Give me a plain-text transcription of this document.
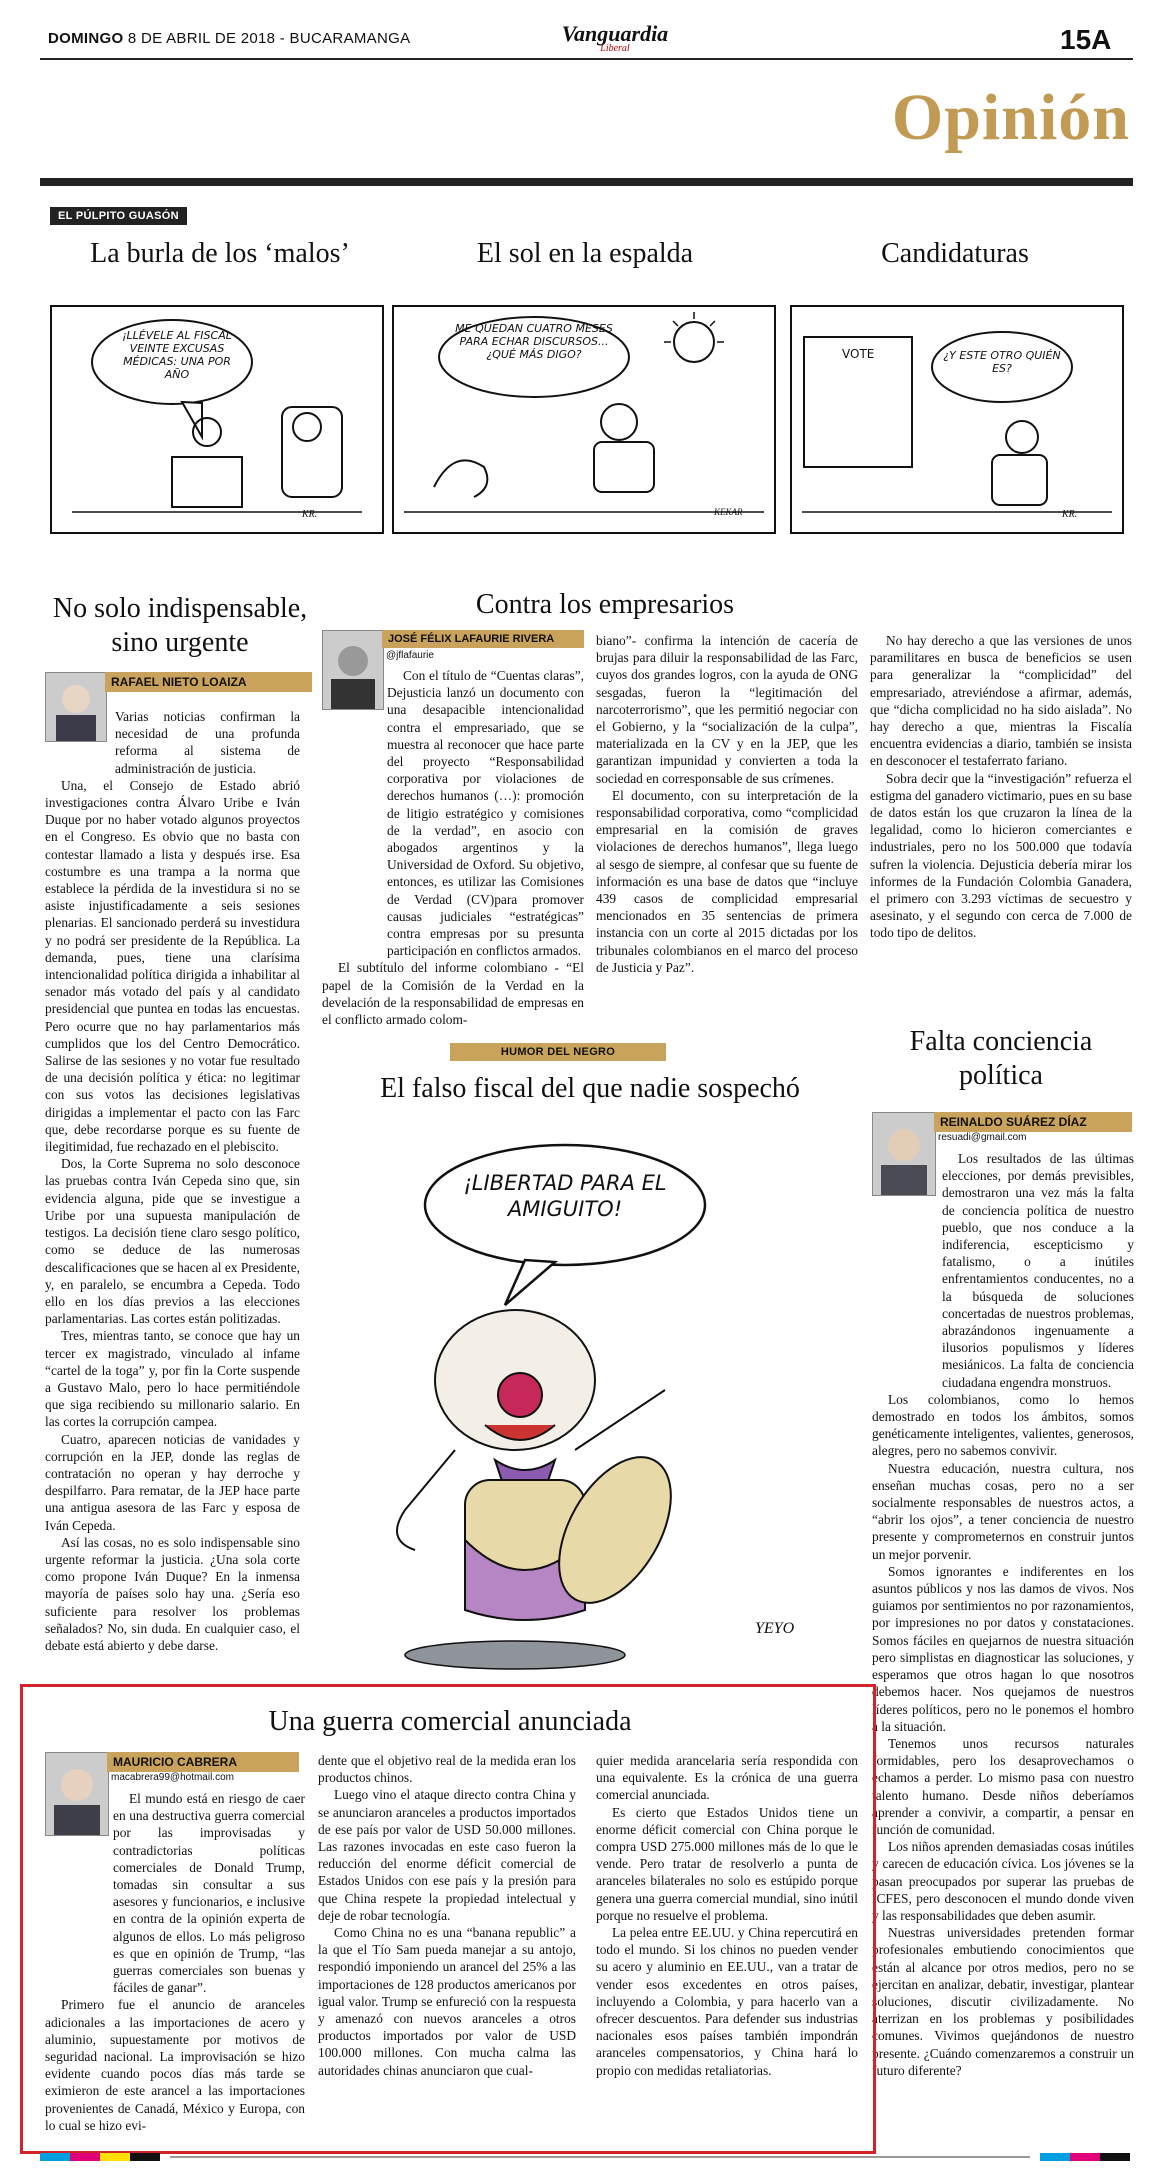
DOMINGO 8 DE ABRIL DE 2018 - BUCARAMANGA	Vanguardia
Liberal	15A
Opinión
EL PÚLPITO GUASÓN
La burla de los ‘malos’	El sol en la espalda	Candidaturas
¡LLÉVELE AL FISCAL VEINTE EXCUSAS MÉDICAS: UNA POR AÑO
KR.
ME QUEDAN CUATRO MESES PARA ECHAR DISCURSOS... ¿QUÉ MÁS DIGO?
KEKAR
VOTE	¿Y ESTE OTRO QUIÉN ES?
KR.
No solo indispensable, sino urgente
RAFAEL NIETO LOAIZA

Varias noticias confirman la necesidad de una profunda reforma al sistema de administración de justicia.

Una, el Consejo de Estado abrió investigaciones contra Álvaro Uribe e Iván Duque por no haber votado algunos proyectos en el Congreso. Es obvio que no basta con contestar llamado a lista y después irse. Esa costumbre es una trampa a la norma que establece la pérdida de la investidura si no se asiste injustificadamente a seis sesiones plenarias. El sancionado perderá su investidura y no podrá ser presidente de la República. La demanda, pues, tiene una clarísima intencionalidad política dirigida a inhabilitar al senador más votado del país y al candidato presidencial que puntea en todas las encuestas. Pero ocurre que no hay parlamentarios más cumplidos que los del Centro Democrático. Salirse de las sesiones y no votar fue resultado de una decisión política y ética: no legitimar con sus votos las decisiones legislativas dirigidas a implementar el pacto con las Farc que, debe recordarse porque es su fuente de ilegitimidad, fue rechazado en el plebiscito.

Dos, la Corte Suprema no solo desconoce las pruebas contra Iván Cepeda sino que, sin evidencia alguna, pide que se investigue a Uribe por una supuesta manipulación de testigos. La decisión tiene claro sesgo político, como se deduce de las numerosas descalificaciones que se hacen al ex Presidente, y, en paralelo, se encumbra a Cepeda. Todo ello en los días previos a las elecciones parlamentarias. Las cortes están politizadas.

Tres, mientras tanto, se conoce que hay un tercer ex magistrado, vinculado al infame “cartel de la toga” y, por fin la Corte suspende a Gustavo Malo, pero lo hace permitiéndole que siga recibiendo su millonario salario. En las cortes la corrupción campea.

Cuatro, aparecen noticias de vanidades y corrupción en la JEP, donde las reglas de contratación no operan y hay derroche y despilfarro. Para rematar, de la JEP hace parte una antigua asesora de las Farc y esposa de Iván Cepeda.

Así las cosas, no es solo indispensable sino urgente reformar la justicia. ¿Una sola corte como propone Iván Duque? En la inmensa mayoría de países solo hay una. ¿Sería eso suficiente para resolver los problemas señalados? No, sin duda. En cualquier caso, el debate está abierto y debe darse.

Contra los empresarios
JOSÉ FÉLIX LAFAURIE RIVERA
@jflafaurie

Con el título de “Cuentas claras”, Dejusticia lanzó un documento con una desapacible intencionalidad contra el empresariado, que se muestra al reconocer que hace parte del proyecto “Responsabilidad corporativa por violaciones de derechos humanos (…): promoción de litigio estratégico y comisiones de la verdad”, en asocio con abogados argentinos y la Universidad de Oxford. Su objetivo, entonces, es utilizar las Comisiones de Verdad (CV)para promover causas judiciales “estratégicas” contra empresas por su presunta participación en conflictos armados.

El subtítulo del informe colombiano - “El papel de la Comisión de la Verdad en la develación de la responsabilidad de empresas en el conflicto armado colom-

biano”- confirma la intención de cacería de brujas para diluir la responsabilidad de las Farc, cuyos dos grandes logros, con la ayuda de ONG sesgadas, fueron la “legitimación del narcoterrorismo”, que les permitió negociar con el Gobierno, y la “socialización de la culpa”, materializada en la CV y en la JEP, que les garantizan impunidad y convierten a toda la sociedad en corresponsable de sus crímenes.

El documento, con su interpretación de la responsabilidad corporativa, como “complicidad empresarial en la comisión de graves violaciones de derechos humanos”, llega luego al sesgo de siempre, al confesar que su fuente de información es una base de datos que “incluye 439 casos de complicidad empresarial mencionados en 35 sentencias de primera instancia con un corte al 2015 dictadas por los tribunales colombianos en el marco del proceso de Justicia y Paz”.

No hay derecho a que las versiones de unos paramilitares en busca de beneficios se usen para generalizar la “complicidad” del empresariado, atreviéndose a afirmar, además, que “dicha complicidad no ha sido aislada”. No hay derecho a que, mientras la Fiscalía encuentra evidencias a diario, también se insista en desconocer el testaferrato fariano.

Sobra decir que la “investigación” refuerza el estigma del ganadero victimario, pues en su base de datos están los que cruzaron la línea de la legalidad, como lo hicieron comerciantes e industriales, pero no los 500.000 que todavía sufren la violencia. Dejusticia debería mirar los informes de la Fundación Colombia Ganadera, el primero con 3.293 víctimas de secuestro y asesinato, y el segundo con cerca de 7.000 de todo tipo de delitos.

HUMOR DEL NEGRO
El falso fiscal del que nadie sospechó
¡LIBERTAD PARA EL AMIGUITO!
YEYO
Falta conciencia política
REINALDO SUÁREZ DÍAZ
resuadi@gmail.com

Los resultados de las últimas elecciones, por demás previsibles, demostraron una vez más la falta de conciencia política de nuestro pueblo, que nos conduce a la indiferencia, escepticismo y fatalismo, o a inútiles enfrentamientos conducentes, no a la búsqueda de soluciones concertadas de nuestros problemas, abrazándonos ingenuamente a ilusorios populismos y líderes mesiánicos. La falta de conciencia ciudadana engendra monstruos.

Los colombianos, como lo hemos demostrado en todos los ámbitos, somos genéticamente inteligentes, valientes, generosos, alegres, pero no sabemos convivir.

Nuestra educación, nuestra cultura, nos enseñan muchas cosas, pero no a ser socialmente responsables de nuestros actos, a “abrir los ojos”, a tener conciencia de nuestro presente y comprometernos en construir juntos un mejor porvenir.

Somos ignorantes e indiferentes en los asuntos públicos y nos las damos de vivos. Nos guiamos por sentimientos no por razonamientos, por impresiones no por datos y constataciones. Somos fáciles en quejarnos de nuestra situación pero simplistas en diagnosticar las soluciones, y esperamos que otros hagan lo que nosotros debemos hacer. Nos quejamos de nuestros líderes políticos, pero no le ponemos el hombro a la situación.

Tenemos unos recursos naturales formidables, pero los desaprovechamos o echamos a perder. Lo mismo pasa con nuestro talento humano. Desde niños deberíamos aprender a convivir, a compartir, a pensar en función de comunidad.

Los niños aprenden demasiadas cosas inútiles y carecen de educación cívica. Los jóvenes se la pasan preocupados por superar las pruebas de ICFES, pero desconocen el mundo donde viven y las responsabilidades que deben asumir.

Nuestras universidades pretenden formar profesionales embutiendo conocimientos que están al alcance por otros medios, pero no se ejercitan en analizar, debatir, investigar, plantear soluciones, discutir civilizadamente. No aterrizan en los problemas y posibilidades comunes. Vivimos quejándonos de nuestro presente. ¿Cuándo comenzaremos a construir un futuro diferente?

Una guerra comercial anunciada
MAURICIO CABRERA
macabrera99@hotmail.com

El mundo está en riesgo de caer en una destructiva guerra comercial por las improvisadas y contradictorias políticas comerciales de Donald Trump, tomadas sin consultar a sus asesores y funcionarios, e inclusive en contra de la opinión experta de algunos de ellos. Lo más peligroso es que en opinión de Trump, “las guerras comerciales son buenas y fáciles de ganar”.

Primero fue el anuncio de aranceles adicionales a las importaciones de acero y aluminio, supuestamente por motivos de seguridad nacional. La improvisación se hizo evidente cuando pocos días más tarde se eximieron de este arancel a las importaciones provenientes de Canadá, México y Europa, con lo cual se hizo evi-

dente que el objetivo real de la medida eran los productos chinos.

Luego vino el ataque directo contra China y se anunciaron aranceles a productos importados de ese país por valor de USD 50.000 millones. Las razones invocadas en este caso fueron la reducción del enorme déficit comercial de Estados Unidos con ese país y la presión para que China respete la propiedad intelectual y deje de robar tecnología.

Como China no es una “banana republic” a la que el Tío Sam pueda manejar a su antojo, respondió imponiendo un arancel del 25% a las importaciones de 128 productos americanos por igual valor. Trump se enfureció con la respuesta y amenazó con nuevos aranceles a otros productos importados por valor de USD 100.000 millones. Con mucha calma las autoridades chinas anunciaron que cual-

quier medida arancelaria sería respondida con una equivalente. Es la crónica de una guerra comercial anunciada.

Es cierto que Estados Unidos tiene un enorme déficit comercial con China porque le compra USD 275.000 millones más de lo que le vende. Pero tratar de resolverlo a punta de aranceles bilaterales no solo es estúpido porque genera una guerra comercial mundial, sino inútil porque no resuelve el problema.

La pelea entre EE.UU. y China repercutirá en todo el mundo. Si los chinos no pueden vender su acero y aluminio en EE.UU., van a tratar de vender esos excedentes en otros países, incluyendo a Colombia, y para hacerlo van a ofrecer descuentos. Para defender sus industrias nacionales esos países también impondrán aranceles compensatorios, y China hará lo propio con medidas retaliatorias.
